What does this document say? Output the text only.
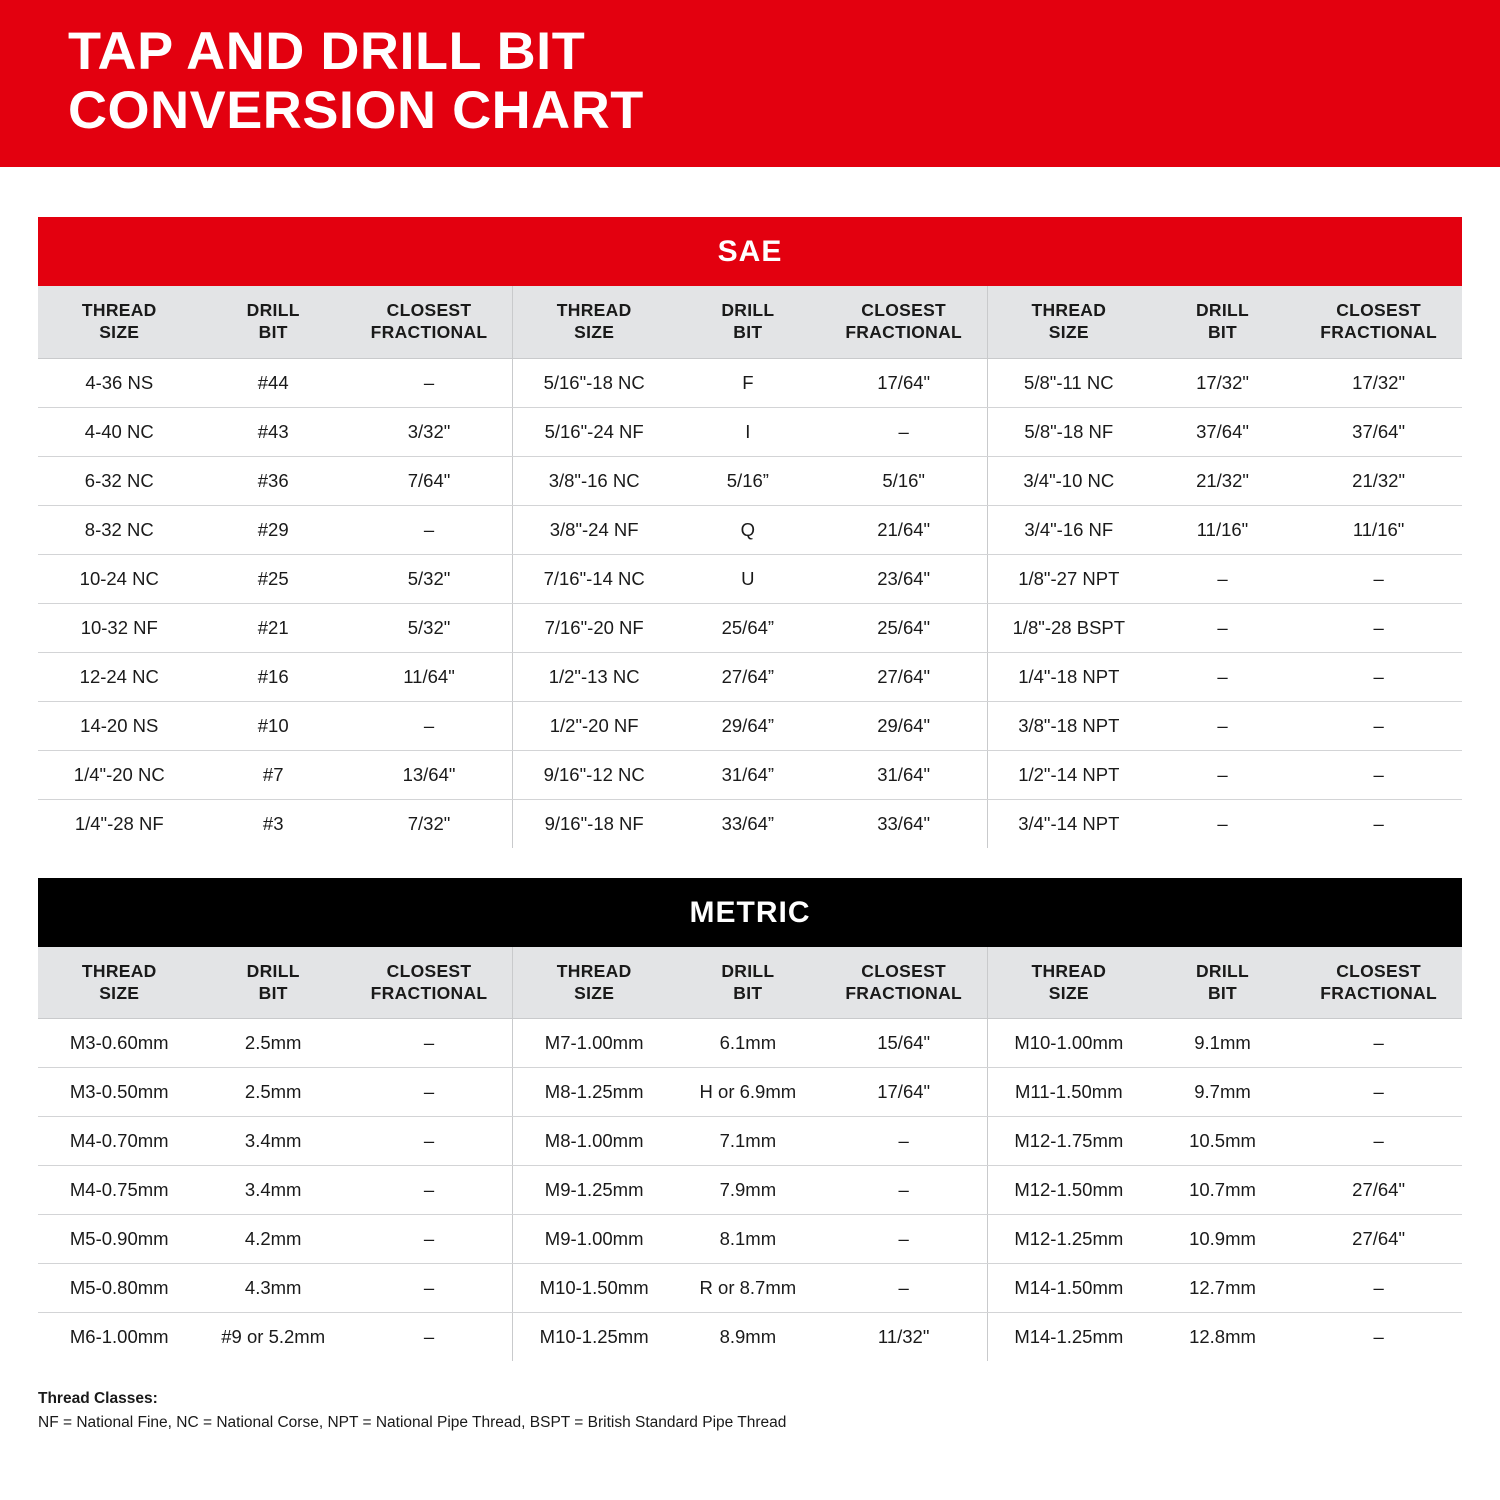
TAP AND DRILL BIT
CONVERSION CHART
SAE
THREAD
SIZE	DRILL
BIT	CLOSEST
FRACTIONAL	THREAD
SIZE	DRILL
BIT	CLOSEST
FRACTIONAL	THREAD
SIZE	DRILL
BIT	CLOSEST
FRACTIONAL

4-36 NS	#44	–	5/16"-18 NC	F	17/64"	5/8"-11 NC	17/32"	17/32"
4-40 NC	#43	3/32"	5/16"-24 NF	I	–	5/8"-18 NF	37/64"	37/64"
6-32 NC	#36	7/64"	3/8"-16 NC	5/16”	5/16"	3/4"-10 NC	21/32"	21/32"
8-32 NC	#29	–	3/8"-24 NF	Q	21/64"	3/4"-16 NF	11/16"	11/16"
10-24 NC	#25	5/32"	7/16"-14 NC	U	23/64"	1/8"-27 NPT	–	–
10-32 NF	#21	5/32"	7/16"-20 NF	25/64”	25/64"	1/8"-28 BSPT	–	–
12-24 NC	#16	11/64"	1/2"-13 NC	27/64”	27/64"	1/4"-18 NPT	–	–
14-20 NS	#10	–	1/2"-20 NF	29/64”	29/64"	3/8"-18 NPT	–	–
1/4"-20 NC	#7	13/64"	9/16"-12 NC	31/64”	31/64"	1/2"-14 NPT	–	–
1/4"-28 NF	#3	7/32"	9/16"-18 NF	33/64”	33/64"	3/4"-14 NPT	–	–
METRIC
THREAD
SIZE	DRILL
BIT	CLOSEST
FRACTIONAL	THREAD
SIZE	DRILL
BIT	CLOSEST
FRACTIONAL	THREAD
SIZE	DRILL
BIT	CLOSEST
FRACTIONAL

M3-0.60mm	2.5mm	–	M7-1.00mm	6.1mm	15/64"	M10-1.00mm	9.1mm	–
M3-0.50mm	2.5mm	–	M8-1.25mm	H or 6.9mm	17/64"	M11-1.50mm	9.7mm	–
M4-0.70mm	3.4mm	–	M8-1.00mm	7.1mm	–	M12-1.75mm	10.5mm	–
M4-0.75mm	3.4mm	–	M9-1.25mm	7.9mm	–	M12-1.50mm	10.7mm	27/64"
M5-0.90mm	4.2mm	–	M9-1.00mm	8.1mm	–	M12-1.25mm	10.9mm	27/64"
M5-0.80mm	4.3mm	–	M10-1.50mm	R or 8.7mm	–	M14-1.50mm	12.7mm	–
M6-1.00mm	#9 or 5.2mm	–	M10-1.25mm	8.9mm	11/32"	M14-1.25mm	12.8mm	–
Thread Classes:
NF = National Fine, NC = National Corse, NPT = National Pipe Thread, BSPT = British Standard Pipe Thread
